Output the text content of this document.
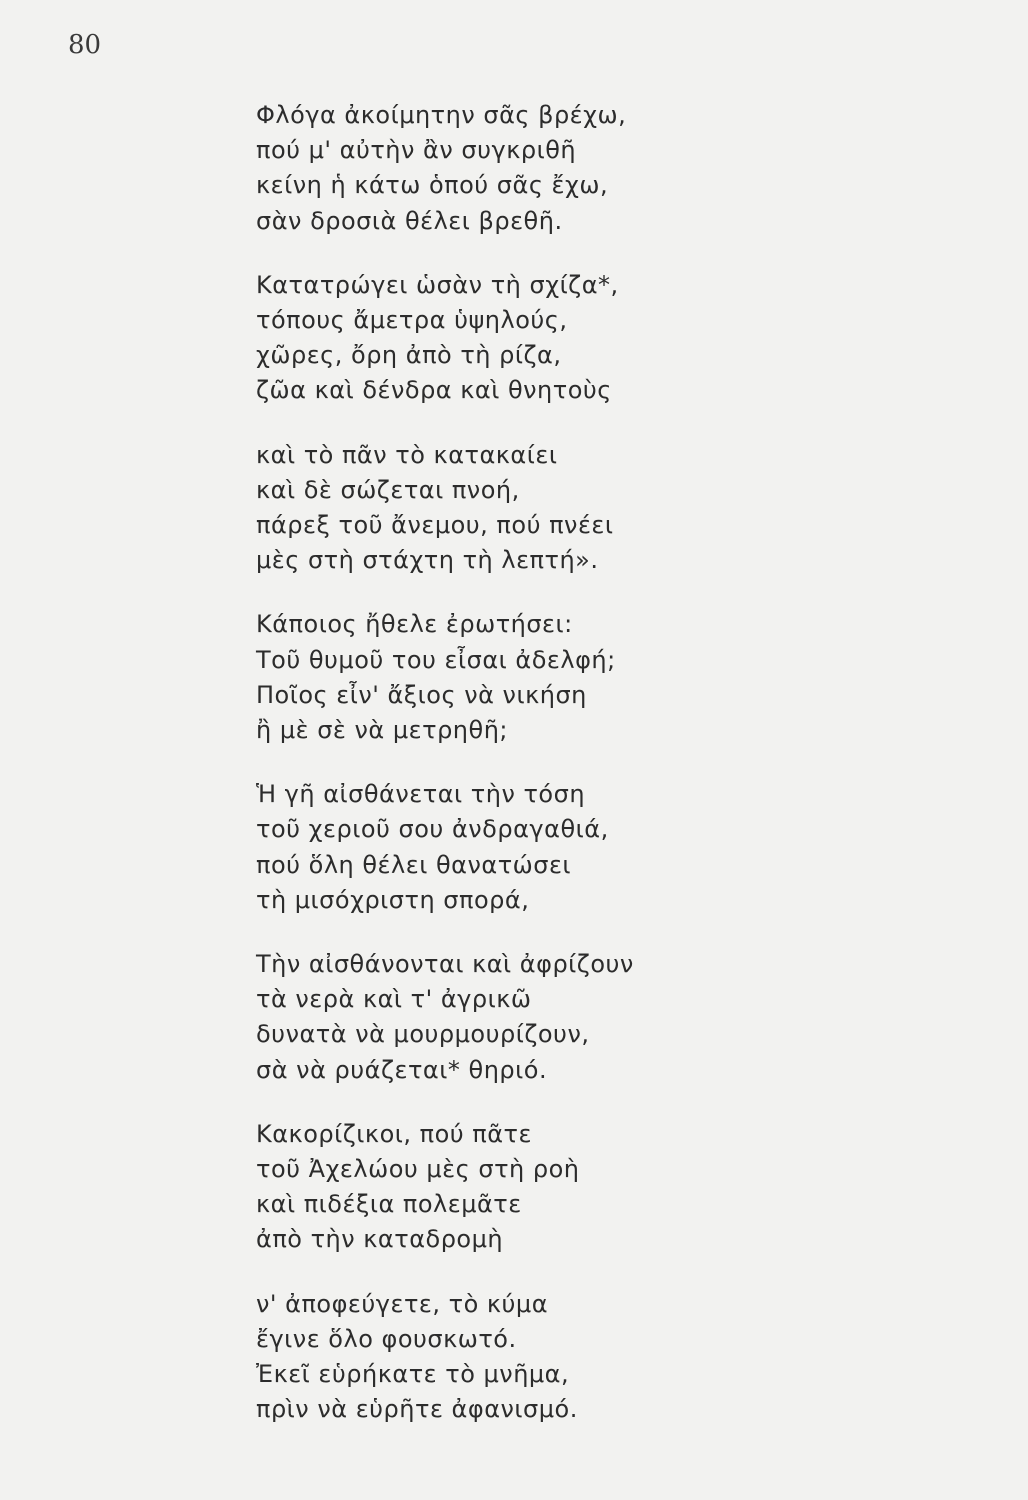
80
Φλόγα ἀκοίμητην σᾶς βρέχω,
πού μ' αὐτὴν ἂν συγκριθῆ
κείνη ἡ κάτω ὁπού σᾶς ἔχω,
σὰν δροσιὰ θέλει βρεθῆ.
Κατατρώγει ὡσὰν τὴ σχίζα*,
τόπους ἄμετρα ὑψηλούς,
χῶρες, ὄρη ἀπὸ τὴ ρίζα,
ζῶα καὶ δένδρα καὶ θνητοὺς
καὶ τὸ πᾶν τὸ κατακαίει
καὶ δὲ σώζεται πνοή,
πάρεξ τοῦ ἄνεμου, πού πνέει
μὲς στὴ στάχτη τὴ λεπτή».
Κάποιος ἤθελε ἐρωτήσει:
Τοῦ θυμοῦ του εἶσαι ἀδελφή;
Ποῖος εἶν' ἄξιος νὰ νικήση
ἢ μὲ σὲ νὰ μετρηθῆ;
Ἡ γῆ αἰσθάνεται τὴν τόση
τοῦ χεριοῦ σου ἀνδραγαθιά,
πού ὅλη θέλει θανατώσει
τὴ μισόχριστη σπορά,
Τὴν αἰσθάνονται καὶ ἀφρίζουν
τὰ νερὰ καὶ τ' ἀγρικῶ
δυνατὰ νὰ μουρμουρίζουν,
σὰ νὰ ρυάζεται* θηριό.
Κακορίζικοι, πού πᾶτε
τοῦ Ἀχελώου μὲς στὴ ροὴ
καὶ πιδέξια πολεμᾶτε
ἀπὸ τὴν καταδρομὴ
ν' ἀποφεύγετε, τὸ κύμα
ἔγινε ὅλο φουσκωτό.
Ἐκεῖ εὑρήκατε τὸ μνῆμα,
πρὶν νὰ εὑρῆτε ἀφανισμό.
